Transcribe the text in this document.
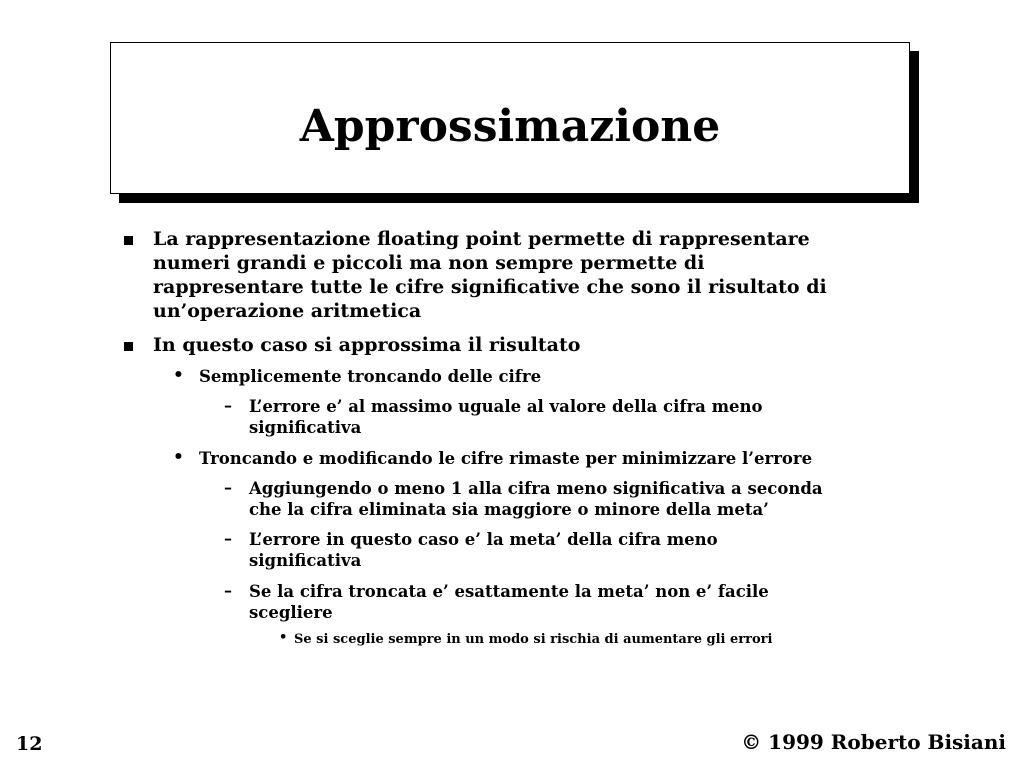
Approssimazione
La rappresentazione floating point permette di rappresentare
numeri grandi e piccoli ma non sempre permette di
rappresentare tutte le cifre significative che sono il risultato di
un’operazione aritmetica
In questo caso si approssima il risultato
• Semplicemente troncando delle cifre
– L’errore e’ al massimo uguale al valore della cifra meno
significativa
• Troncando e modificando le cifre rimaste per minimizzare l’errore
– Aggiungendo o meno 1 alla cifra meno significativa a seconda
che la cifra eliminata sia maggiore o minore della meta’
– L’errore in questo caso e’ la meta’ della cifra meno
significativa
– Se la cifra troncata e’ esattamente la meta’ non e’ facile
scegliere
• Se si sceglie sempre in un modo si rischia di aumentare gli errori
12	© 1999 Roberto Bisiani
